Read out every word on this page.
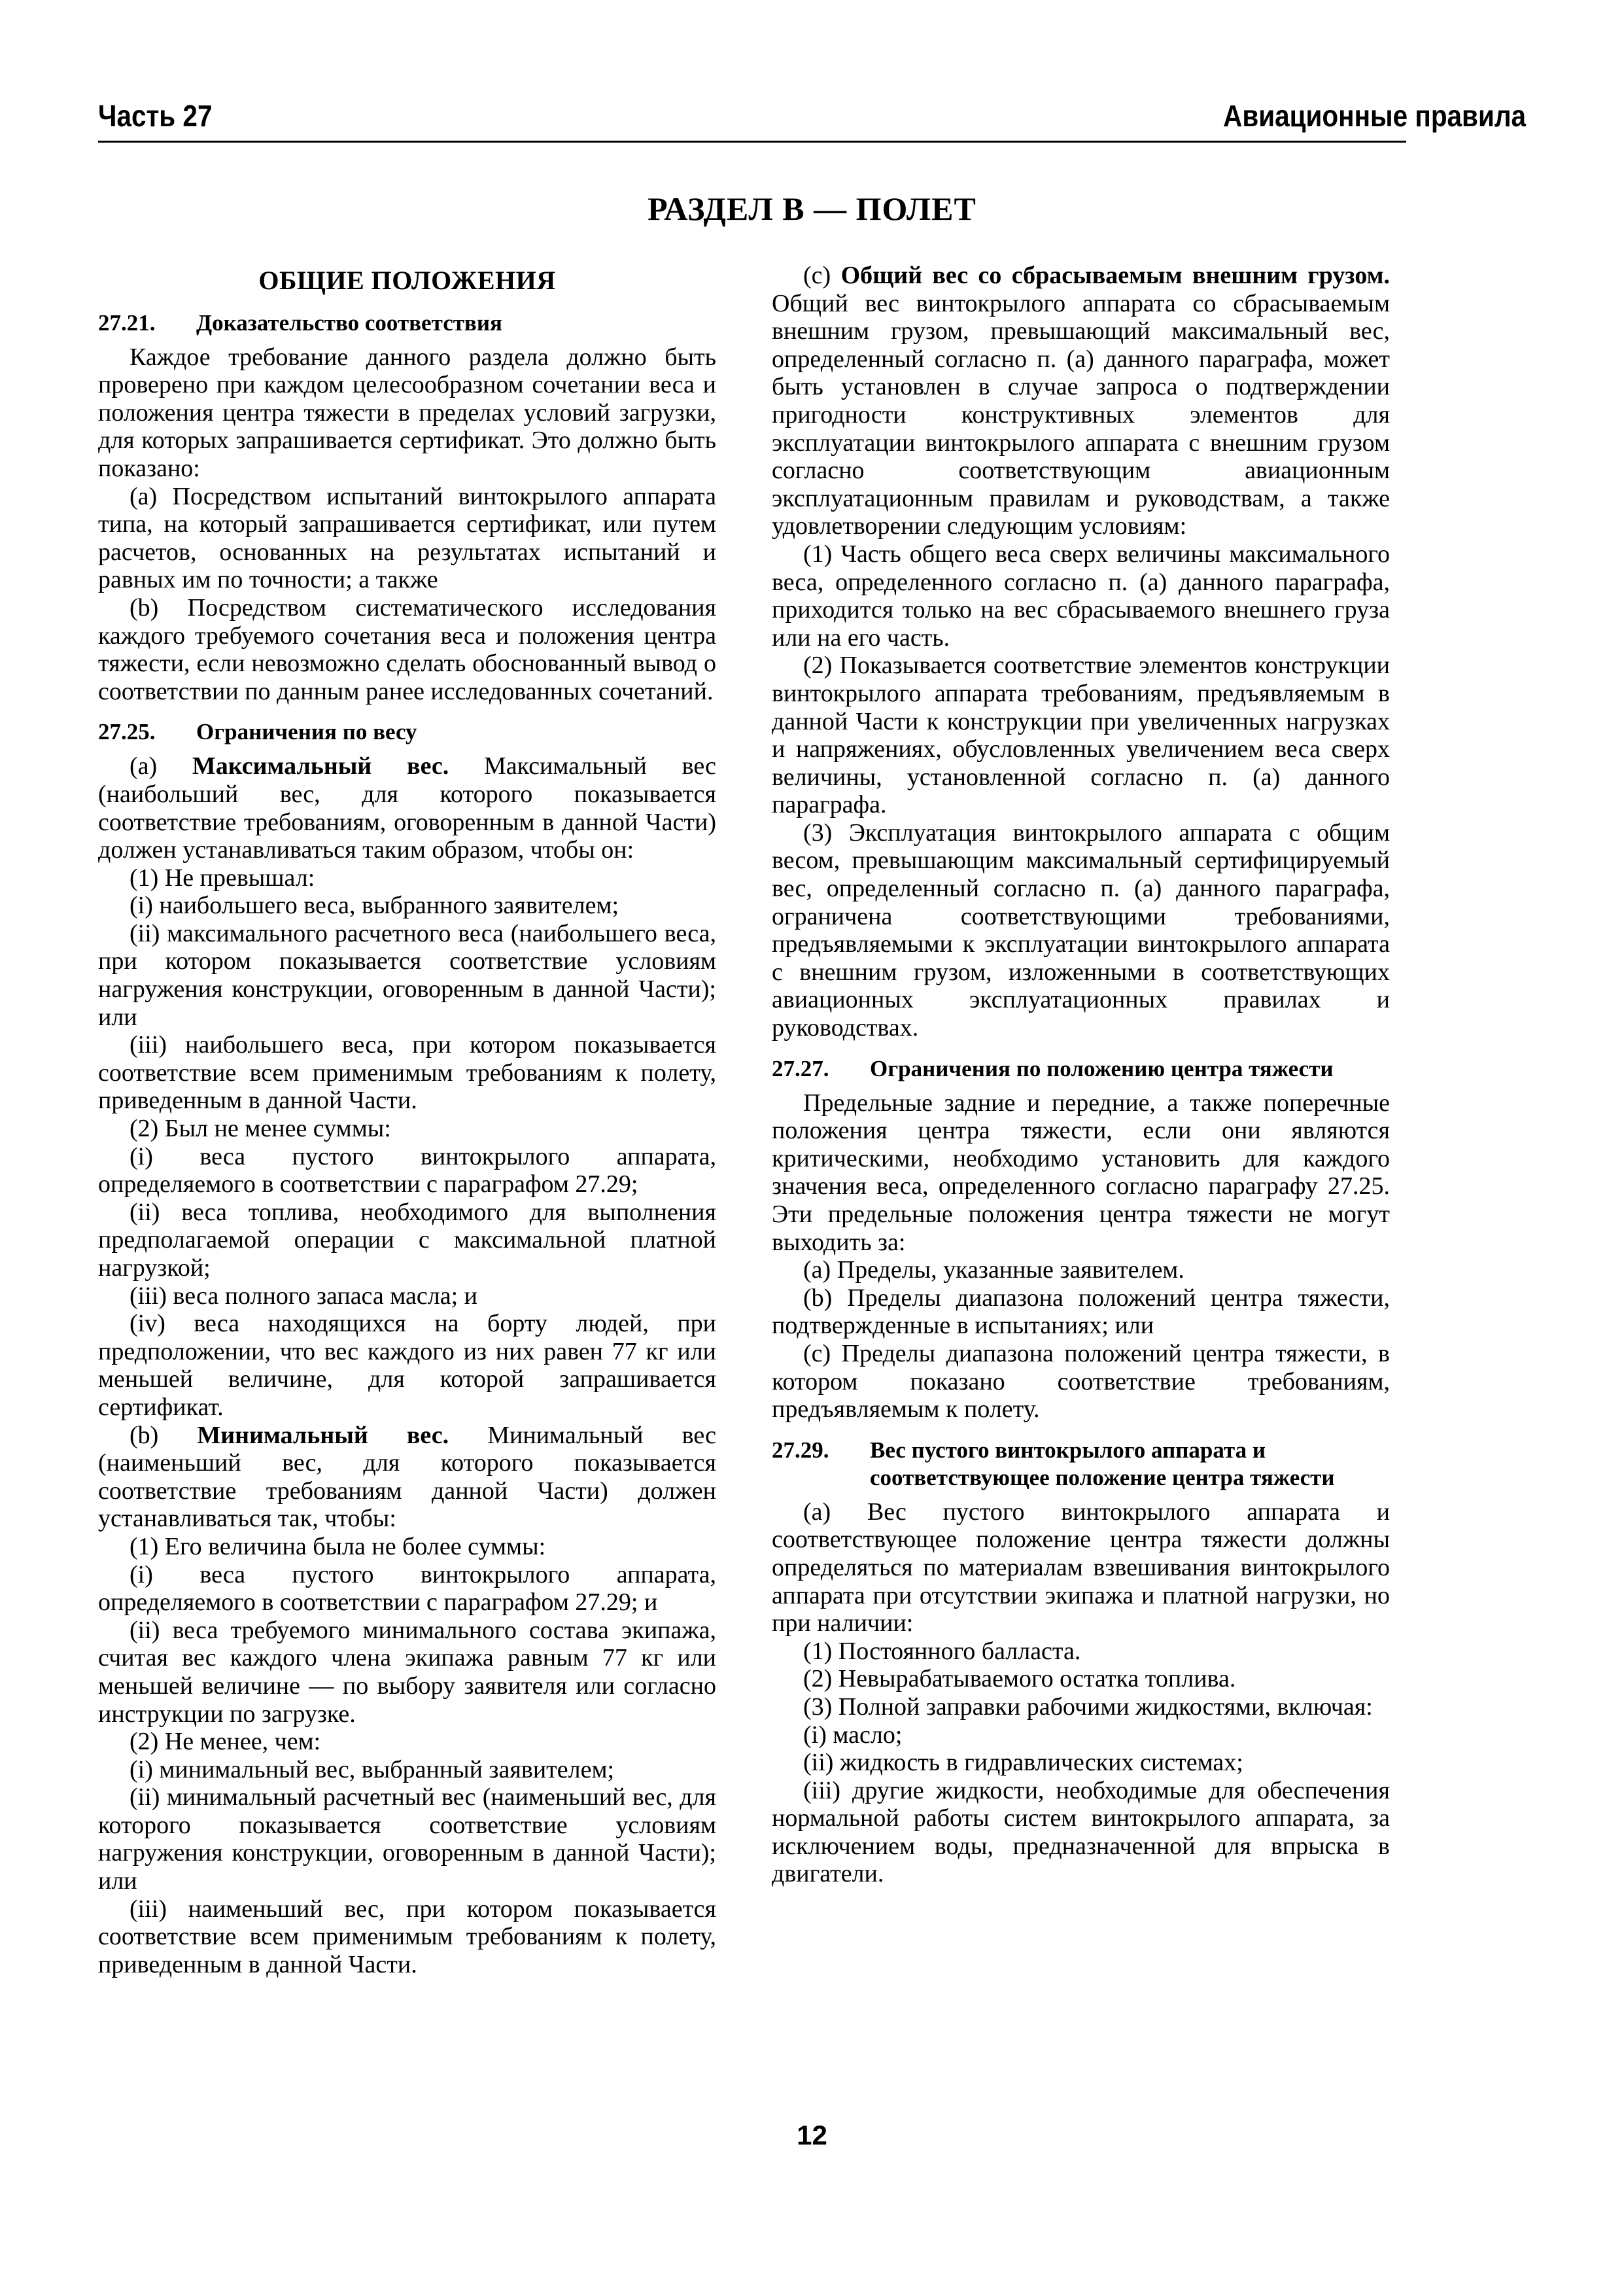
Часть 27	Авиационные правила
РАЗДЕЛ В — ПОЛЕТ
ОБЩИЕ ПОЛОЖЕНИЯ
27.21.	Доказательство соответствия

Каждое требование данного раздела должно быть проверено при каждом целесообразном сочетании веса и положения центра тяжести в пределах условий загрузки, для которых запрашивается сертификат. Это должно быть показано:

(а) Посредством испытаний винтокрылого аппарата типа, на который запрашивается сертификат, или путем расчетов, основанных на результатах испытаний и равных им по точности; а также

(b) Посредством систематического исследования каждого требуемого сочетания веса и положения центра тяжести, если невозможно сделать обоснованный вывод о соответствии по данным ранее исследованных сочетаний.

27.25.	Ограничения по весу

(а) Максимальный вес. Максимальный вес (наибольший вес, для которого показывается соответствие требованиям, оговоренным в данной Части) должен устанавливаться таким образом, чтобы он:

(1) Не превышал:

(i) наибольшего веса, выбранного заявителем;

(ii) максимального расчетного веса (наибольшего веса, при котором показывается соответствие условиям нагружения конструкции, оговоренным в данной Части); или

(iii) наибольшего веса, при котором показывается соответствие всем применимым требованиям к полету, приведенным в данной Части.

(2) Был не менее суммы:

(i) веса пустого винтокрылого аппарата, определяемого в соответствии с параграфом 27.29;

(ii) веса топлива, необходимого для выполнения предполагаемой операции с максимальной платной нагрузкой;

(iii) веса полного запаса масла; и

(iv) веса находящихся на борту людей, при предположении, что вес каждого из них равен 77 кг или меньшей величине, для которой запрашивается сертификат.

(b) Минимальный вес. Минимальный вес (наименьший вес, для которого показывается соответствие требованиям данной Части) должен устанавливаться так, чтобы:

(1) Его величина была не более суммы:

(i) веса пустого винтокрылого аппарата, определяемого в соответствии с параграфом 27.29; и

(ii) веса требуемого минимального состава экипажа, считая вес каждого члена экипажа равным 77 кг или меньшей величине — по выбору заявителя или согласно инструкции по загрузке.

(2) Не менее, чем:

(i) минимальный вес, выбранный заявителем;

(ii) минимальный расчетный вес (наименьший вес, для которого показывается соответствие условиям нагружения конструкции, оговоренным в данной Части); или

(iii) наименьший вес, при котором показывается соответствие всем применимым требованиям к полету, приведенным в данной Части.

(с) Общий вес со сбрасываемым внешним грузом. Общий вес винтокрылого аппарата со сбрасываемым внешним грузом, превышающий максимальный вес, определенный согласно п. (а) данного параграфа, может быть установлен в случае запроса о подтверждении пригодности конструктивных элементов для эксплуатации винтокрылого аппарата с внешним грузом согласно соответствующим авиационным эксплуатационным правилам и руководствам, а также удовлетворении следующим условиям:

(1) Часть общего веса сверх величины максимального веса, определенного согласно п. (а) данного параграфа, приходится только на вес сбрасываемого внешнего груза или на его часть.

(2) Показывается соответствие элементов конструкции винтокрылого аппарата требованиям, предъявляемым в данной Части к конструкции при увеличенных нагрузках и напряжениях, обусловленных увеличением веса сверх величины, установленной согласно п. (а) данного параграфа.

(3) Эксплуатация винтокрылого аппарата с общим весом, превышающим максимальный сертифицируемый вес, определенный согласно п. (а) данного параграфа, ограничена соответствующими требованиями, предъявляемыми к эксплуатации винтокрылого аппарата с внешним грузом, изложенными в соответствующих авиационных эксплуатационных правилах и руководствах.

27.27.	Ограничения по положению центра тяжести

Предельные задние и передние, а также поперечные положения центра тяжести, если они являются критическими, необходимо установить для каждого значения веса, определенного согласно параграфу 27.25. Эти предельные положения центра тяжести не могут выходить за:

(а) Пределы, указанные заявителем.

(b) Пределы диапазона положений центра тяжести, подтвержденные в испытаниях; или

(с) Пределы диапазона положений центра тяжести, в котором показано соответствие требованиям, предъявляемым к полету.

27.29.	Вес пустого винтокрылого аппарата и соответствующее положение центра тяжести

(а) Вес пустого винтокрылого аппарата и соответствующее положение центра тяжести должны определяться по материалам взвешивания винтокрылого аппарата при отсутствии экипажа и платной нагрузки, но при наличии:

(1) Постоянного балласта.

(2) Невырабатываемого остатка топлива.

(3) Полной заправки рабочими жидкостями, включая:

(i) масло;

(ii) жидкость в гидравлических системах;

(iii) другие жидкости, необходимые для обеспечения нормальной работы систем винтокрылого аппарата, за исключением воды, предназначенной для впрыска в двигатели.

12
